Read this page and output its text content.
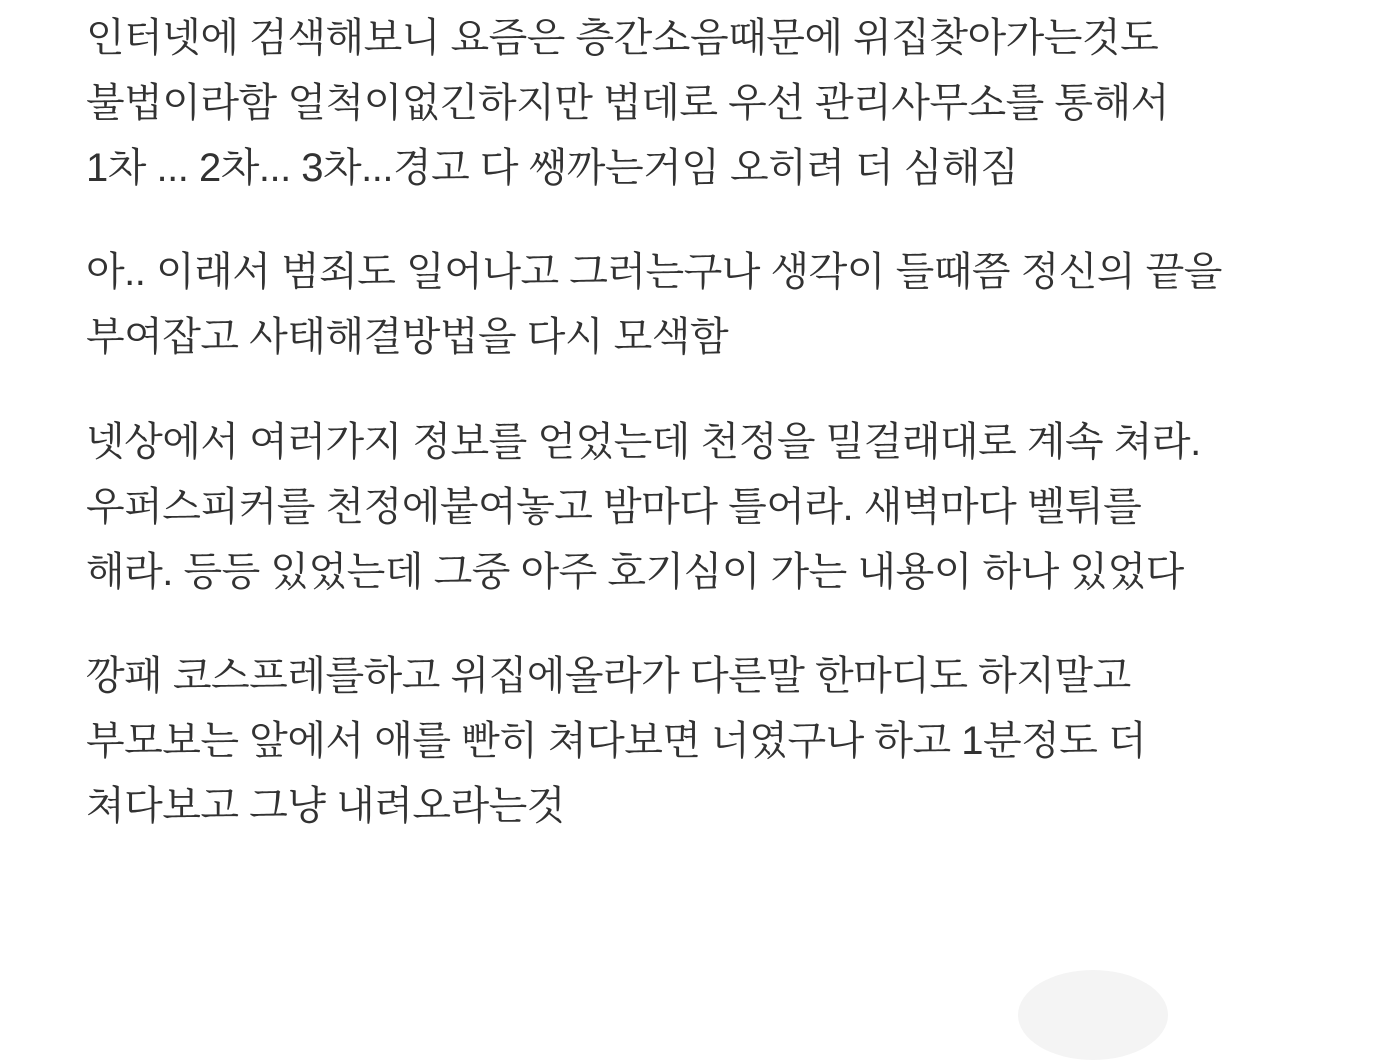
인터넷에 검색해보니 요즘은 층간소음때문에 위집찾아가는것도 불법이라함 얼척이없긴하지만 법데로 우선 관리사무소를 통해서 1차 ... 2차... 3차...경고 다 쌩까는거임 오히려 더 심해짐

아.. 이래서 범죄도 일어나고 그러는구나 생각이 들때쯤 정신의 끝을 부여잡고 사태해결방법을 다시 모색함

넷상에서 여러가지 정보를 얻었는데 천정을 밀걸래대로 계속 쳐라. 우퍼스피커를 천정에붙여놓고 밤마다 틀어라. 새벽마다 벨튀를 해라. 등등 있었는데 그중 아주 호기심이 가는 내용이 하나 있었다

깡패 코스프레를하고 위집에올라가 다른말 한마디도 하지말고 부모보는 앞에서 애를 빤히 쳐다보면 너였구나 하고 1분정도 더 쳐다보고 그냥 내려오라는것
